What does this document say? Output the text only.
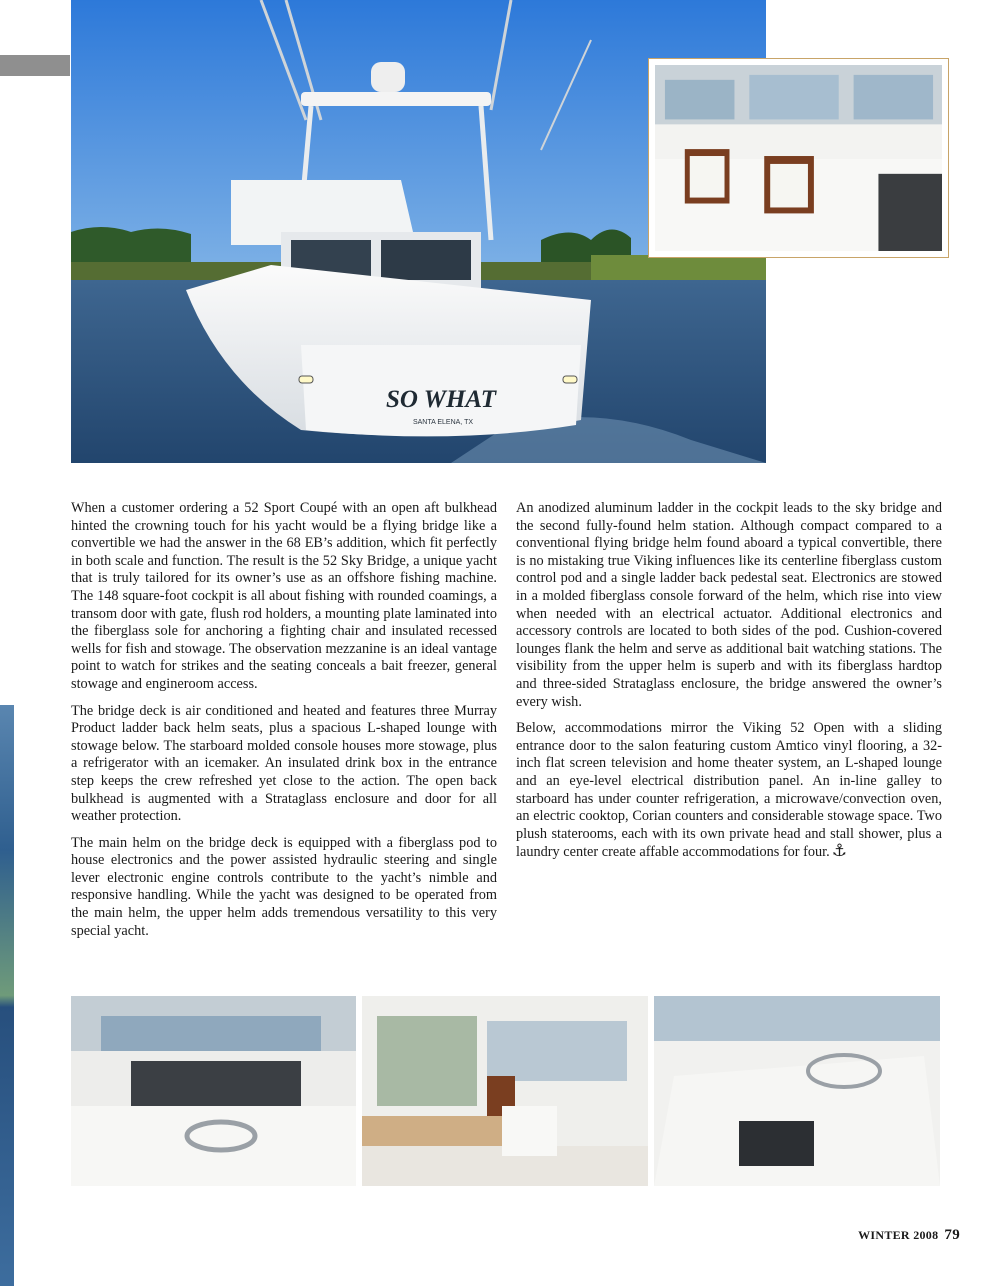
SO WHAT
SANTA ELENA, TX

When a customer ordering a 52 Sport Coupé with an open aft bulkhead hinted the crowning touch for his yacht would be a flying bridge like a convertible we had the answer in the 68 EB’s addition, which fit perfectly in both scale and function. The result is the 52 Sky Bridge, a unique yacht that is truly tailored for its owner’s use as an offshore fishing machine. The 148 square-foot cockpit is all about fishing with rounded coamings, a transom door with gate, flush rod holders, a mounting plate laminated into the fiberglass sole for anchoring a fighting chair and insulated recessed wells for fish and stowage. The observation mezzanine is an ideal vantage point to watch for strikes and the seating conceals a bait freezer, general stowage and engineroom access.

The bridge deck is air conditioned and heated and features three Murray Product ladder back helm seats, plus a spacious L-shaped lounge with stowage below. The starboard molded console houses more stowage, plus a refrigerator with an icemaker. An insulated drink box in the entrance step keeps the crew refreshed yet close to the action. The open back bulkhead is augmented with a Strataglass enclosure and door for all weather protection.

The main helm on the bridge deck is equipped with a fiberglass pod to house electronics and the power assisted hydraulic steering and single lever electronic engine controls contribute to the yacht’s nimble and responsive handling. While the yacht was designed to be operated from the main helm, the upper helm adds tremendous versatility to this very special yacht.

An anodized aluminum ladder in the cockpit leads to the sky bridge and the second fully-found helm station. Although compact compared to a conventional flying bridge helm found aboard a typical convertible, there is no mistaking true Viking influences like its centerline fiberglass custom control pod and a single ladder back pedestal seat. Electronics are stowed in a molded fiberglass console forward of the helm, which rise into view when needed with an electrical actuator. Additional electronics and accessory controls are located to both sides of the pod. Cushion-covered lounges flank the helm and serve as additional bait watching stations. The visibility from the upper helm is superb and with its fiberglass hardtop and three-sided Strataglass enclosure, the bridge answered the owner’s every wish.

Below, accommodations mirror the Viking 52 Open with a sliding entrance door to the salon featuring custom Amtico vinyl flooring, a 32-inch flat screen television and home theater system, an L-shaped lounge and an eye-level electrical distribution panel. An in-line galley to starboard has under counter refrigeration, a microwave/convection oven, an electric cooktop, Corian counters and considerable stowage space. Two plush staterooms, each with its own private head and stall shower, plus a laundry center create affable accommodations for four. ⚓

WINTER 2008 79
